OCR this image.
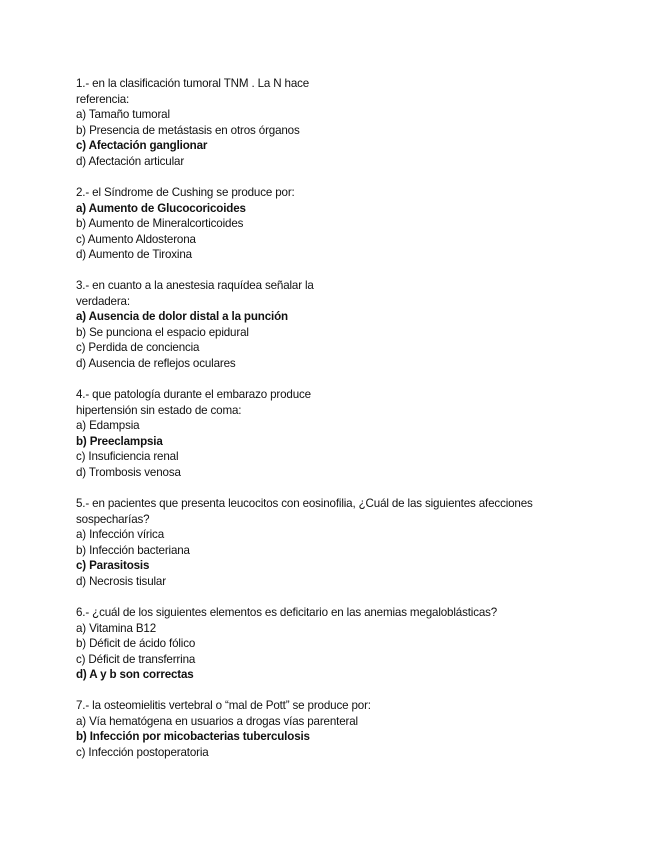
1.- en la clasificación tumoral TNM . La N hace
referencia:
a) Tamaño tumoral
b) Presencia de metástasis en otros órganos
c) Afectación ganglionar
d) Afectación articular
2.- el Síndrome de Cushing se produce por:
a) Aumento de Glucocoricoides
b) Aumento de Mineralcorticoides
c) Aumento Aldosterona
d) Aumento de Tiroxina
3.- en cuanto a la anestesia raquídea señalar la
verdadera:
a) Ausencia de dolor distal a la punción
b) Se punciona el espacio epidural
c) Perdida de conciencia
d) Ausencia de reflejos oculares
4.- que patología durante el embarazo produce
hipertensión sin estado de coma:
a) Edampsia
b) Preeclampsia
c) Insuficiencia renal
d) Trombosis venosa
5.- en pacientes que presenta leucocitos con eosinofilia, ¿Cuál de las siguientes afecciones
sospecharías?
a) Infección vírica
b) Infección bacteriana
c) Parasitosis
d) Necrosis tisular
6.- ¿cuál de los siguientes elementos es deficitario en las anemias megaloblásticas?
a) Vitamina B12
b) Déficit de ácido fólico
c) Déficit de transferrina
d) A y b son correctas
7.- la osteomielitis vertebral o “mal de Pott” se produce por:
a) Vía hematógena en usuarios a drogas vías parenteral
b) Infección por micobacterias tuberculosis
c) Infección postoperatoria
